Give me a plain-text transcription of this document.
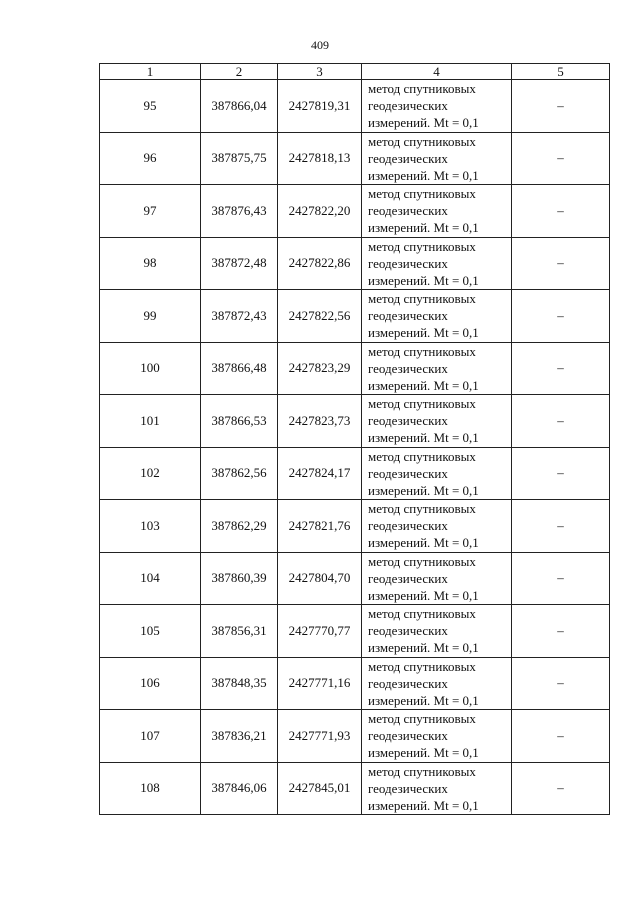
409
1	2	3	4	5
95	387866,04	2427819,31	метод спутниковых
геодезических
измерений. Mt = 0,1	–
96	387875,75	2427818,13	метод спутниковых
геодезических
измерений. Mt = 0,1	–
97	387876,43	2427822,20	метод спутниковых
геодезических
измерений. Mt = 0,1	–
98	387872,48	2427822,86	метод спутниковых
геодезических
измерений. Mt = 0,1	–
99	387872,43	2427822,56	метод спутниковых
геодезических
измерений. Mt = 0,1	–
100	387866,48	2427823,29	метод спутниковых
геодезических
измерений. Mt = 0,1	–
101	387866,53	2427823,73	метод спутниковых
геодезических
измерений. Mt = 0,1	–
102	387862,56	2427824,17	метод спутниковых
геодезических
измерений. Mt = 0,1	–
103	387862,29	2427821,76	метод спутниковых
геодезических
измерений. Mt = 0,1	–
104	387860,39	2427804,70	метод спутниковых
геодезических
измерений. Mt = 0,1	–
105	387856,31	2427770,77	метод спутниковых
геодезических
измерений. Mt = 0,1	–
106	387848,35	2427771,16	метод спутниковых
геодезических
измерений. Mt = 0,1	–
107	387836,21	2427771,93	метод спутниковых
геодезических
измерений. Mt = 0,1	–
108	387846,06	2427845,01	метод спутниковых
геодезических
измерений. Mt = 0,1	–
